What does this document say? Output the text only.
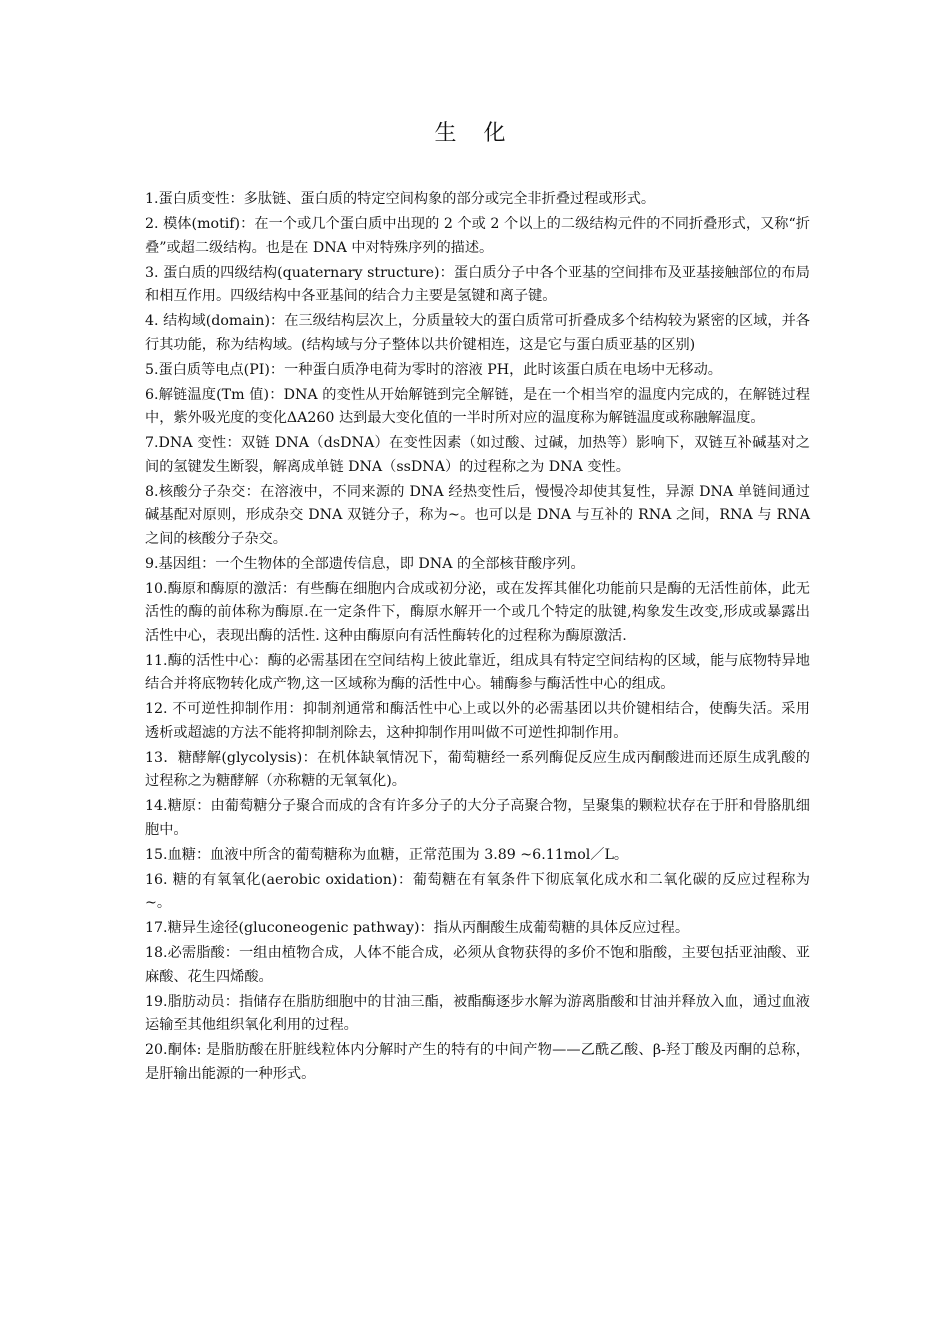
生 化

1.蛋白质变性：多肽链、蛋白质的特定空间构象的部分或完全非折叠过程或形式。

2. 模体(motif)：在一个或几个蛋白质中出现的 2 个或 2 个以上的二级结构元件的不同折叠形式，又称“折叠”或超二级结构。也是在 DNA 中对特殊序列的描述。

3. 蛋白质的四级结构(quaternary structure)：蛋白质分子中各个亚基的空间排布及亚基接触部位的布局和相互作用。四级结构中各亚基间的结合力主要是氢键和离子键。

4. 结构域(domain)：在三级结构层次上，分质量较大的蛋白质常可折叠成多个结构较为紧密的区域，并各行其功能，称为结构域。(结构域与分子整体以共价键相连，这是它与蛋白质亚基的区别)

5.蛋白质等电点(PI)：一种蛋白质净电荷为零时的溶液 PH，此时该蛋白质在电场中无移动。

6.解链温度(Tm 值)：DNA 的变性从开始解链到完全解链，是在一个相当窄的温度内完成的，在解链过程中，紫外吸光度的变化ΔA260 达到最大变化值的一半时所对应的温度称为解链温度或称融解温度。

7.DNA 变性：双链 DNA（dsDNA）在变性因素（如过酸、过碱，加热等）影响下，双链互补碱基对之间的氢键发生断裂，解离成单链 DNA（ssDNA）的过程称之为 DNA 变性。

8.核酸分子杂交：在溶液中，不同来源的 DNA 经热变性后，慢慢冷却使其复性，异源 DNA 单链间通过碱基配对原则，形成杂交 DNA 双链分子，称为~。也可以是 DNA 与互补的 RNA 之间，RNA 与 RNA 之间的核酸分子杂交。

9.基因组：一个生物体的全部遗传信息，即 DNA 的全部核苷酸序列。

10.酶原和酶原的激活：有些酶在细胞内合成或初分泌，或在发挥其催化功能前只是酶的无活性前体，此无活性的酶的前体称为酶原.在一定条件下，酶原水解开一个或几个特定的肽键,构象发生改变,形成或暴露出活性中心，表现出酶的活性. 这种由酶原向有活性酶转化的过程称为酶原激活.

11.酶的活性中心：酶的必需基团在空间结构上彼此靠近，组成具有特定空间结构的区域，能与底物特异地结合并将底物转化成产物,这一区域称为酶的活性中心。辅酶参与酶活性中心的组成。

12. 不可逆性抑制作用：抑制剂通常和酶活性中心上或以外的必需基团以共价键相结合，使酶失活。采用透析或超滤的方法不能将抑制剂除去，这种抑制作用叫做不可逆性抑制作用。

13．糖酵解(glycolysis)：在机体缺氧情况下，葡萄糖经一系列酶促反应生成丙酮酸进而还原生成乳酸的过程称之为糖酵解（亦称糖的无氧氧化)。

14.糖原：由葡萄糖分子聚合而成的含有许多分子的大分子高聚合物，呈聚集的颗粒状存在于肝和骨胳肌细胞中。

15.血糖：血液中所含的葡萄糖称为血糖，正常范围为 3.89 ~6.11mol／L。

16. 糖的有氧氧化(aerobic oxidation)：葡萄糖在有氧条件下彻底氧化成水和二氧化碳的反应过程称为~。

17.糖异生途径(gluconeogenic pathway)：指从丙酮酸生成葡萄糖的具体反应过程。

18.必需脂酸：一组由植物合成，人体不能合成，必须从食物获得的多价不饱和脂酸，主要包括亚油酸、亚麻酸、花生四烯酸。

19.脂肪动员：指储存在脂肪细胞中的甘油三酯，被酯酶逐步水解为游离脂酸和甘油并释放入血，通过血液运输至其他组织氧化利用的过程。

20.酮体: 是脂肪酸在肝脏线粒体内分解时产生的特有的中间产物——乙酰乙酸、β-羟丁酸及丙酮的总称，是肝输出能源的一种形式。
